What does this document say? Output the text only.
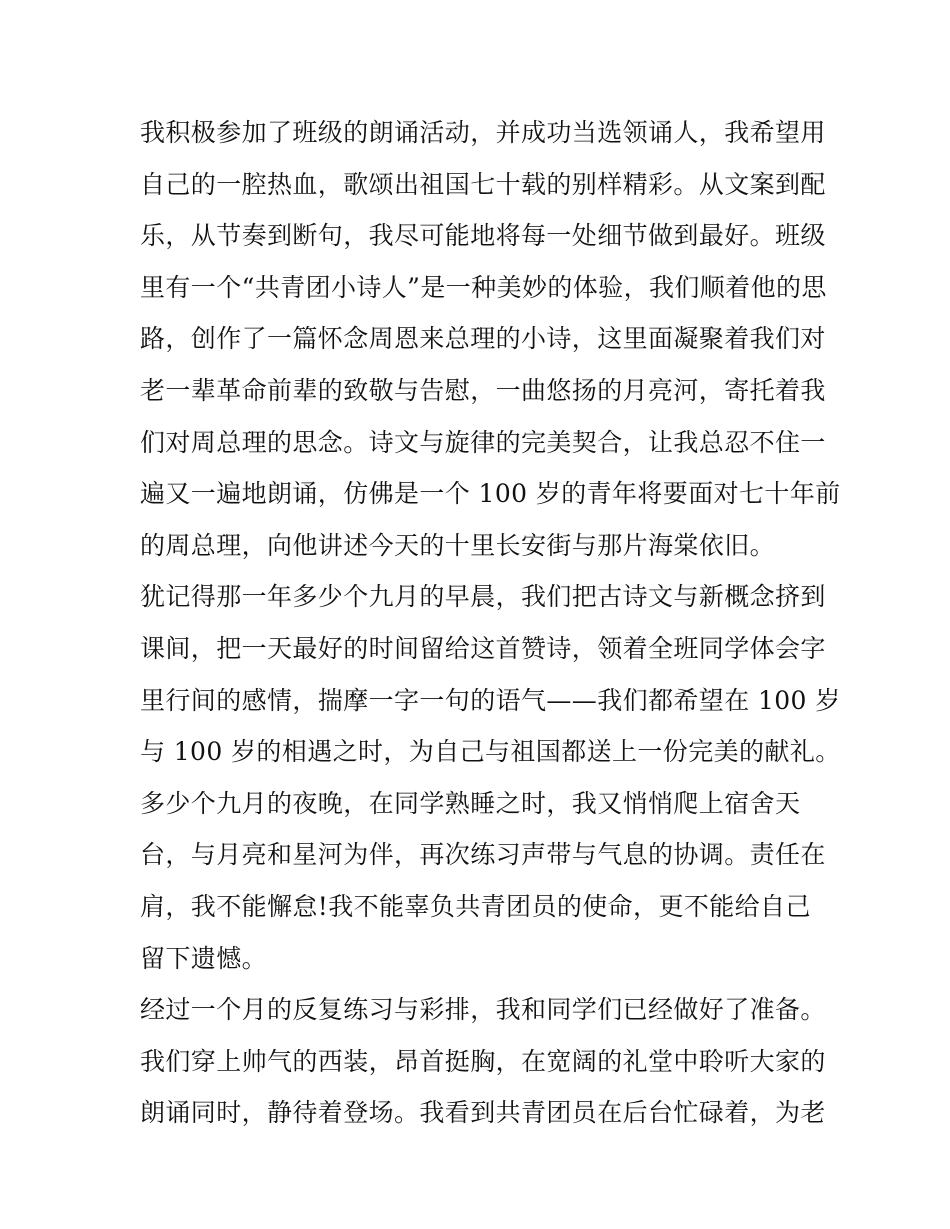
我积极参加了班级的朗诵活动，并成功当选领诵人，我希望用
自己的一腔热血，歌颂出祖国七十载的别样精彩。从文案到配
乐，从节奏到断句，我尽可能地将每一处细节做到最好。班级
里有一个“共青团小诗人”是一种美妙的体验，我们顺着他的思
路，创作了一篇怀念周恩来总理的小诗，这里面凝聚着我们对
老一辈革命前辈的致敬与告慰，一曲悠扬的月亮河，寄托着我
们对周总理的思念。诗文与旋律的完美契合，让我总忍不住一
遍又一遍地朗诵，仿佛是一个 100 岁的青年将要面对七十年前
的周总理，向他讲述今天的十里长安街与那片海棠依旧。
犹记得那一年多少个九月的早晨，我们把古诗文与新概念挤到
课间，把一天最好的时间留给这首赞诗，领着全班同学体会字
里行间的感情，揣摩一字一句的语气——我们都希望在 100 岁
与 100 岁的相遇之时，为自己与祖国都送上一份完美的献礼。
多少个九月的夜晚，在同学熟睡之时，我又悄悄爬上宿舍天
台，与月亮和星河为伴，再次练习声带与气息的协调。责任在
肩，我不能懈怠!我不能辜负共青团员的使命，更不能给自己
留下遗憾。
经过一个月的反复练习与彩排，我和同学们已经做好了准备。
我们穿上帅气的西装，昂首挺胸，在宽阔的礼堂中聆听大家的
朗诵同时，静待着登场。我看到共青团员在后台忙碌着，为老
